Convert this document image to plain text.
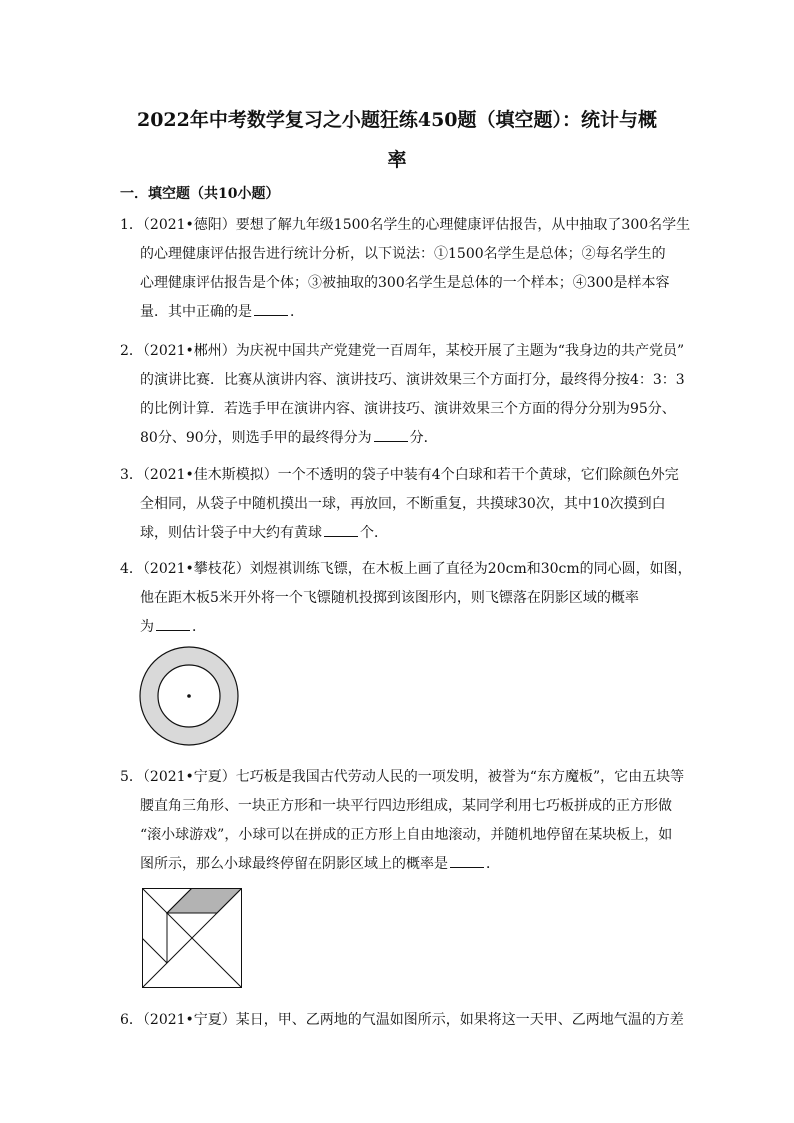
2022年中考数学复习之小题狂练450题（填空题）：统计与概
率
一．填空题（共10小题）
1．（2021•德阳）要想了解九年级1500名学生的心理健康评估报告，从中抽取了300名学生
的心理健康评估报告进行统计分析，以下说法：①1500名学生是总体；②每名学生的
心理健康评估报告是个体；③被抽取的300名学生是总体的一个样本；④300是样本容
量．其中正确的是	．
2．（2021•郴州）为庆祝中国共产党建党一百周年，某校开展了主题为“我身边的共产党员”
的演讲比赛．比赛从演讲内容、演讲技巧、演讲效果三个方面打分，最终得分按4：3：3
的比例计算．若选手甲在演讲内容、演讲技巧、演讲效果三个方面的得分分别为95分、
80分、90分，则选手甲的最终得分为	分．
3．（2021•佳木斯模拟）一个不透明的袋子中装有4个白球和若干个黄球，它们除颜色外完
全相同，从袋子中随机摸出一球，再放回，不断重复，共摸球30次，其中10次摸到白
球，则估计袋子中大约有黄球	个．
4．（2021•攀枝花）刘煜祺训练飞镖，在木板上画了直径为20cm和30cm的同心圆，如图，
他在距木板5米开外将一个飞镖随机投掷到该图形内，则飞镖落在阴影区域的概率
为	．
5．（2021•宁夏）七巧板是我国古代劳动人民的一项发明，被誉为“东方魔板”，它由五块等
腰直角三角形、一块正方形和一块平行四边形组成，某同学利用七巧板拼成的正方形做
“滚小球游戏”，小球可以在拼成的正方形上自由地滚动，并随机地停留在某块板上，如
图所示，那么小球最终停留在阴影区域上的概率是	．
6．（2021•宁夏）某日，甲、乙两地的气温如图所示，如果将这一天甲、乙两地气温的方差
